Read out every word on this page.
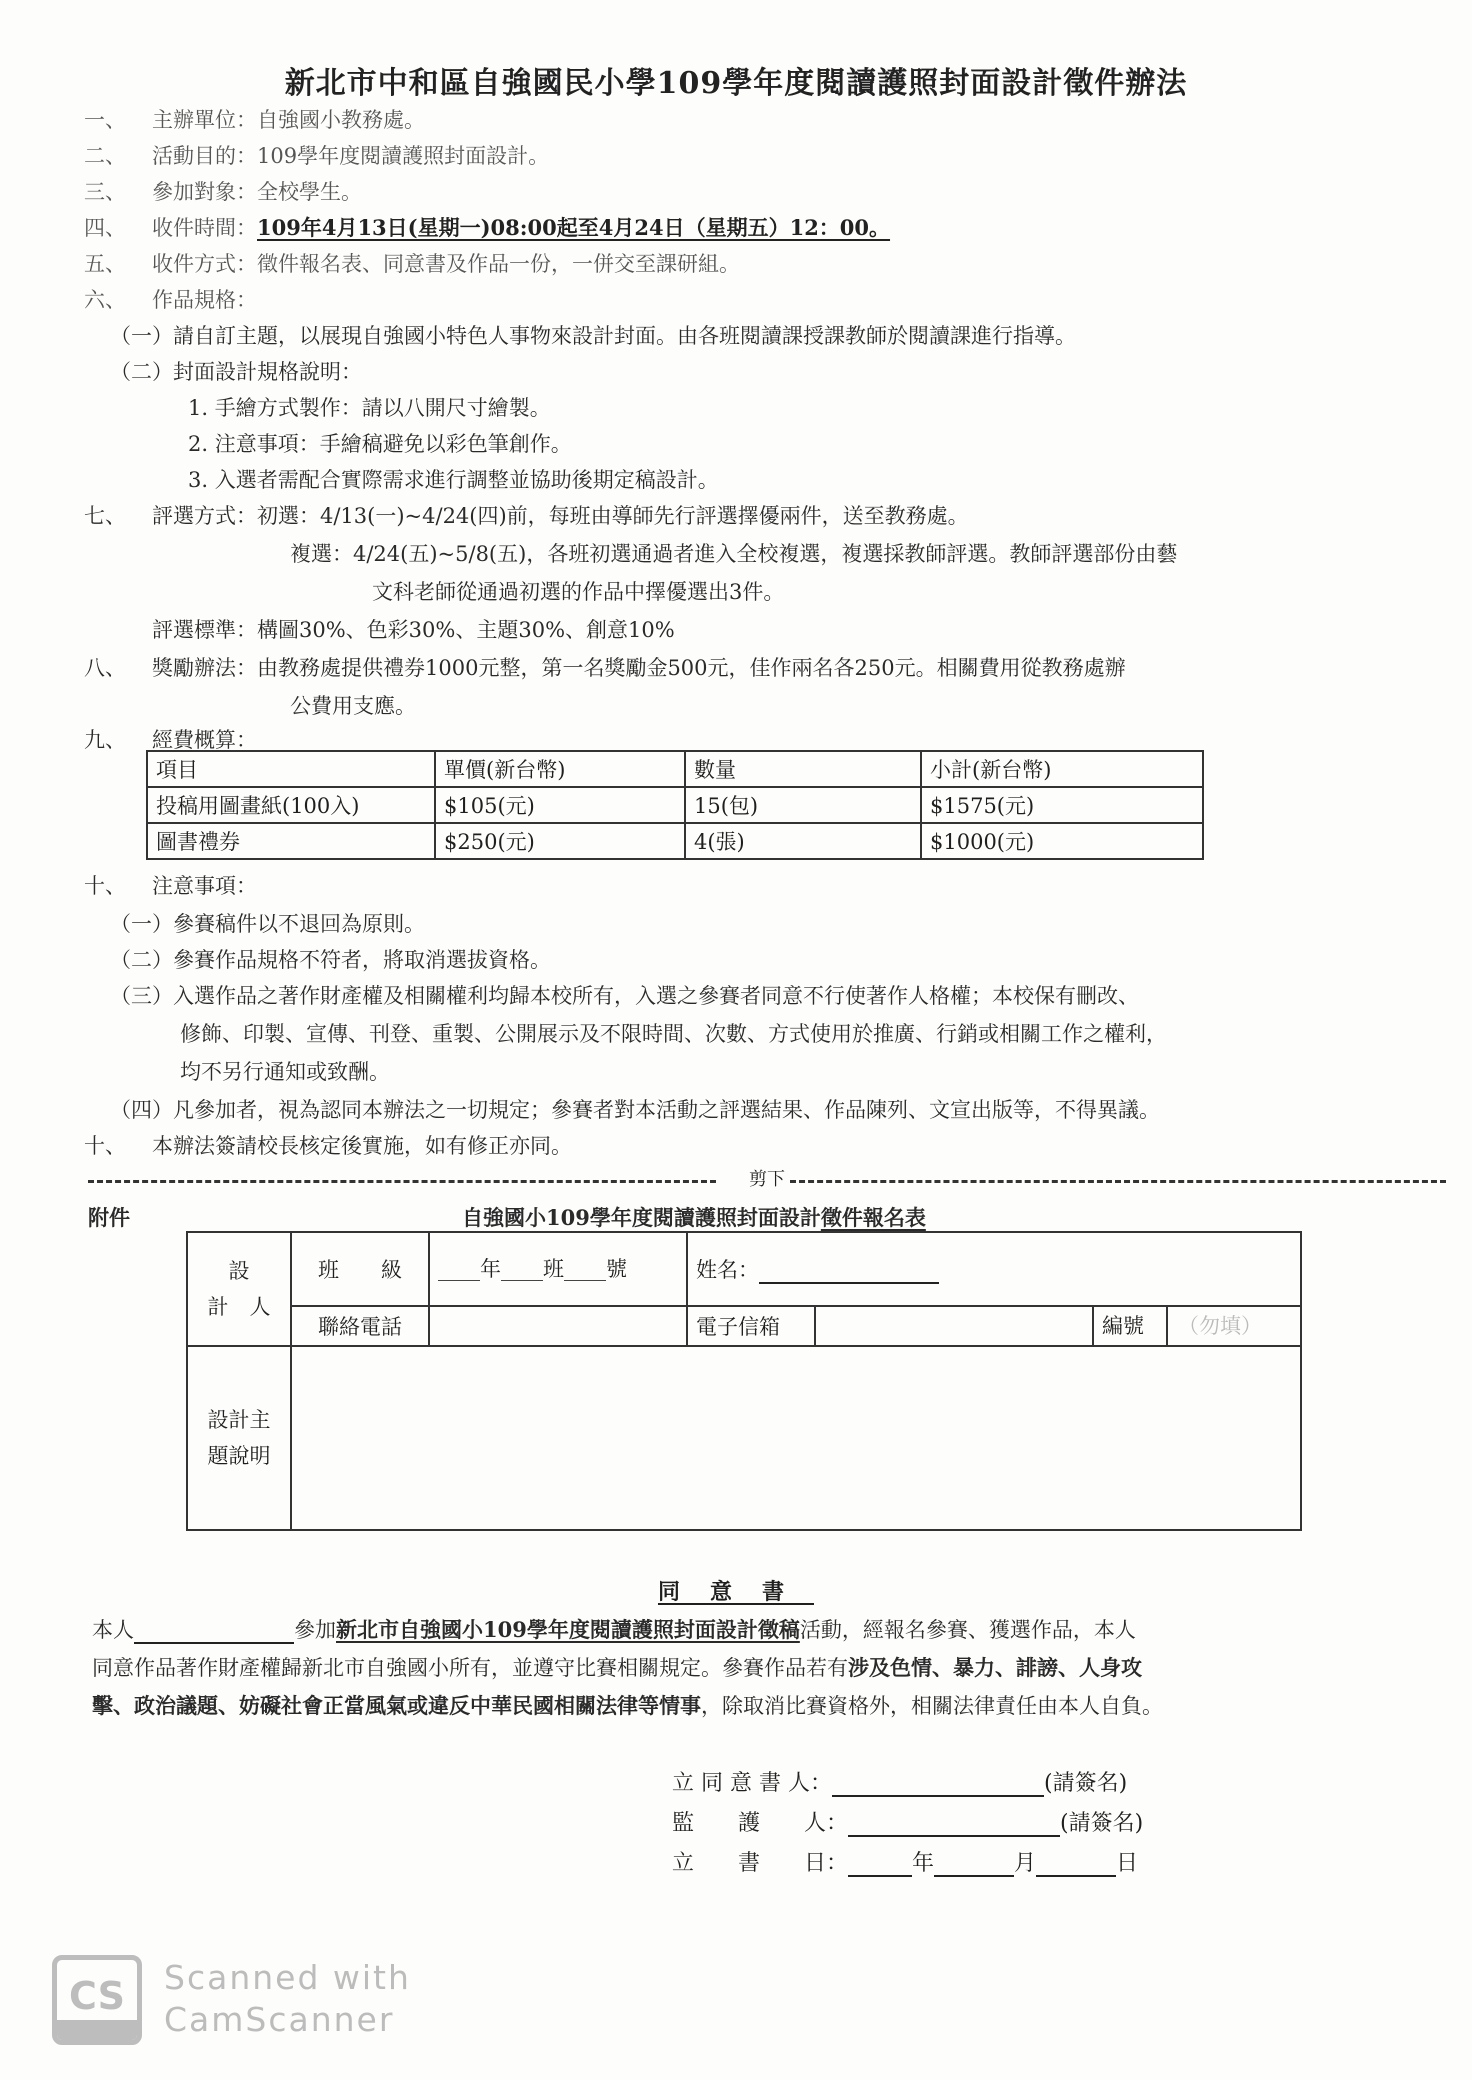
新北市中和區自強國民小學109學年度閱讀護照封面設計徵件辦法
一、 主辦單位：自強國小教務處。
二、 活動目的：109學年度閱讀護照封面設計。
三、 參加對象：全校學生。
四、 收件時間：109年4月13日(星期一)08:00起至4月24日（星期五）12：00。
五、 收件方式：徵件報名表、同意書及作品一份，一併交至課研組。
六、 作品規格：
（一）請自訂主題，以展現自強國小特色人事物來設計封面。由各班閱讀課授課教師於閱讀課進行指導。
（二）封面設計規格說明：
1. 手繪方式製作：請以八開尺寸繪製。
2. 注意事項：手繪稿避免以彩色筆創作。
3. 入選者需配合實際需求進行調整並協助後期定稿設計。
七、 評選方式：初選：4/13(一)~4/24(四)前，每班由導師先行評選擇優兩件，送至教務處。
複選：4/24(五)~5/8(五)，各班初選通過者進入全校複選，複選採教師評選。教師評選部份由藝
文科老師從通過初選的作品中擇優選出3件。
評選標準：構圖30%、色彩30%、主題30%、創意10%
八、 獎勵辦法：由教務處提供禮券1000元整，第一名獎勵金500元，佳作兩名各250元。相關費用從教務處辦
公費用支應。
九、 經費概算：
項目	單價(新台幣)	數量	小計(新台幣)
投稿用圖畫紙(100入)	$105(元)	15(包)	$1575(元)
圖書禮券	$250(元)	4(張)	$1000(元)
十、 注意事項：
（一）參賽稿件以不退回為原則。
（二）參賽作品規格不符者，將取消選拔資格。
（三）入選作品之著作財產權及相關權利均歸本校所有，入選之參賽者同意不行使著作人格權；本校保有刪改、
修飾、印製、宣傳、刊登、重製、公開展示及不限時間、次數、方式使用於推廣、行銷或相關工作之權利，
均不另行通知或致酬。
（四）凡參加者，視為認同本辦法之一切規定；參賽者對本活動之評選結果、作品陳列、文宣出版等，不得異議。
十、 本辦法簽請校長核定後實施，如有修正亦同。
剪下
附件	自強國小109學年度閱讀護照封面設計徵件報名表
設
計　人	班　　級	____年____班____號	姓名：		
	聯絡電話		電子信箱		編號 （勿填）

設計主
題說明					

同意書
本人	參加新北市自強國小109學年度閱讀護照封面設計徵稿活動，經報名參賽、獲選作品，本人
同意作品著作財產權歸新北市自強國小所有，並遵守比賽相關規定。參賽作品若有涉及色情、暴力、誹謗、人身攻
擊、政治議題、妨礙社會正當風氣或違反中華民國相關法律等情事，除取消比賽資格外，相關法律責任由本人自負。
立 同 意 書 人：	(請簽名)
監　　護　　人：	(請簽名)
立　　書　　日：	年	月	日
CS	Scanned with
CamScanner
